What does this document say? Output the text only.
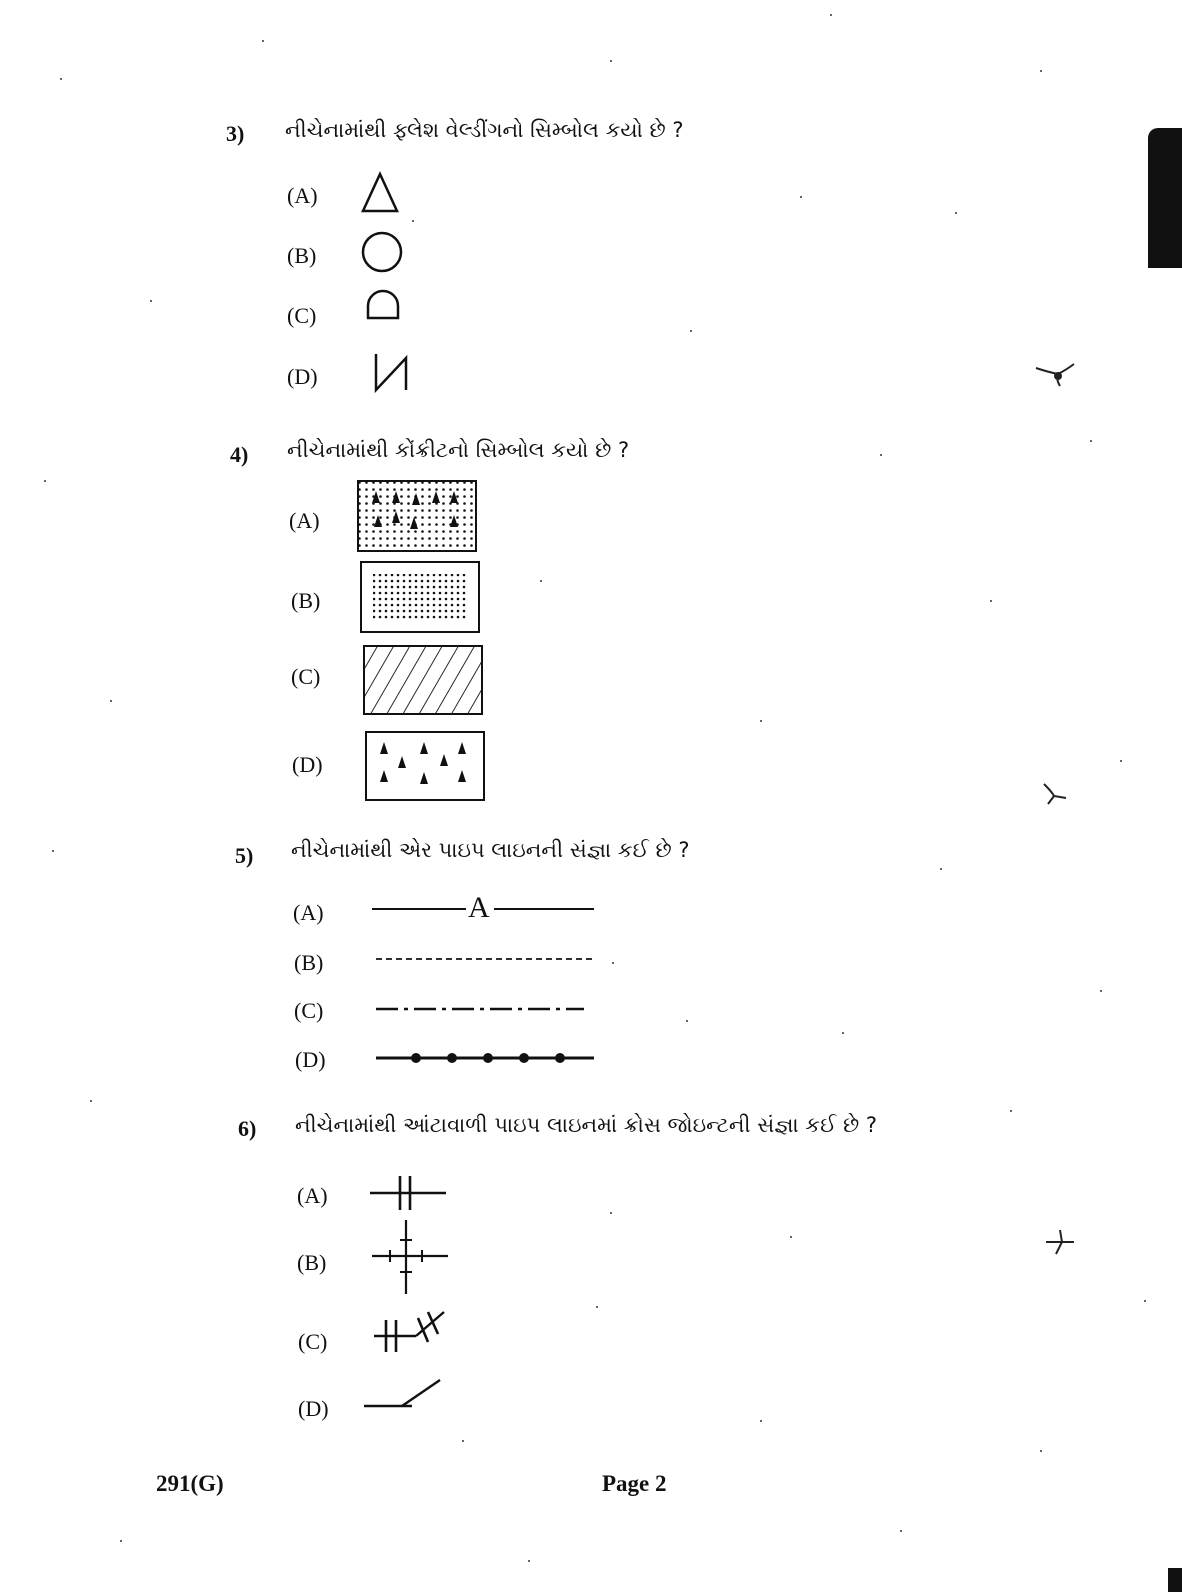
3) નીચેનામાંથી ફ્લેશ વેલ્ડીંગનો સિમ્બોલ કયો છે ?
(A)
(B)
(C)
(D)
4) નીચેનામાંથી કોંક્રીટનો સિમ્બોલ કયો છે ?
(A)
(B)
(C)
(D)
5) નીચેનામાંથી એર પાઇપ લાઇનની સંજ્ઞા કઈ છે ?
(A)	A
(B)
(C)
(D)
6) નીચેનામાંથી આંટાવાળી પાઇપ લાઇનમાં ક્રોસ જોઇન્ટની સંજ્ઞા કઈ છે ?
(A)
(B)
(C)
(D)
291(G)	Page 2
